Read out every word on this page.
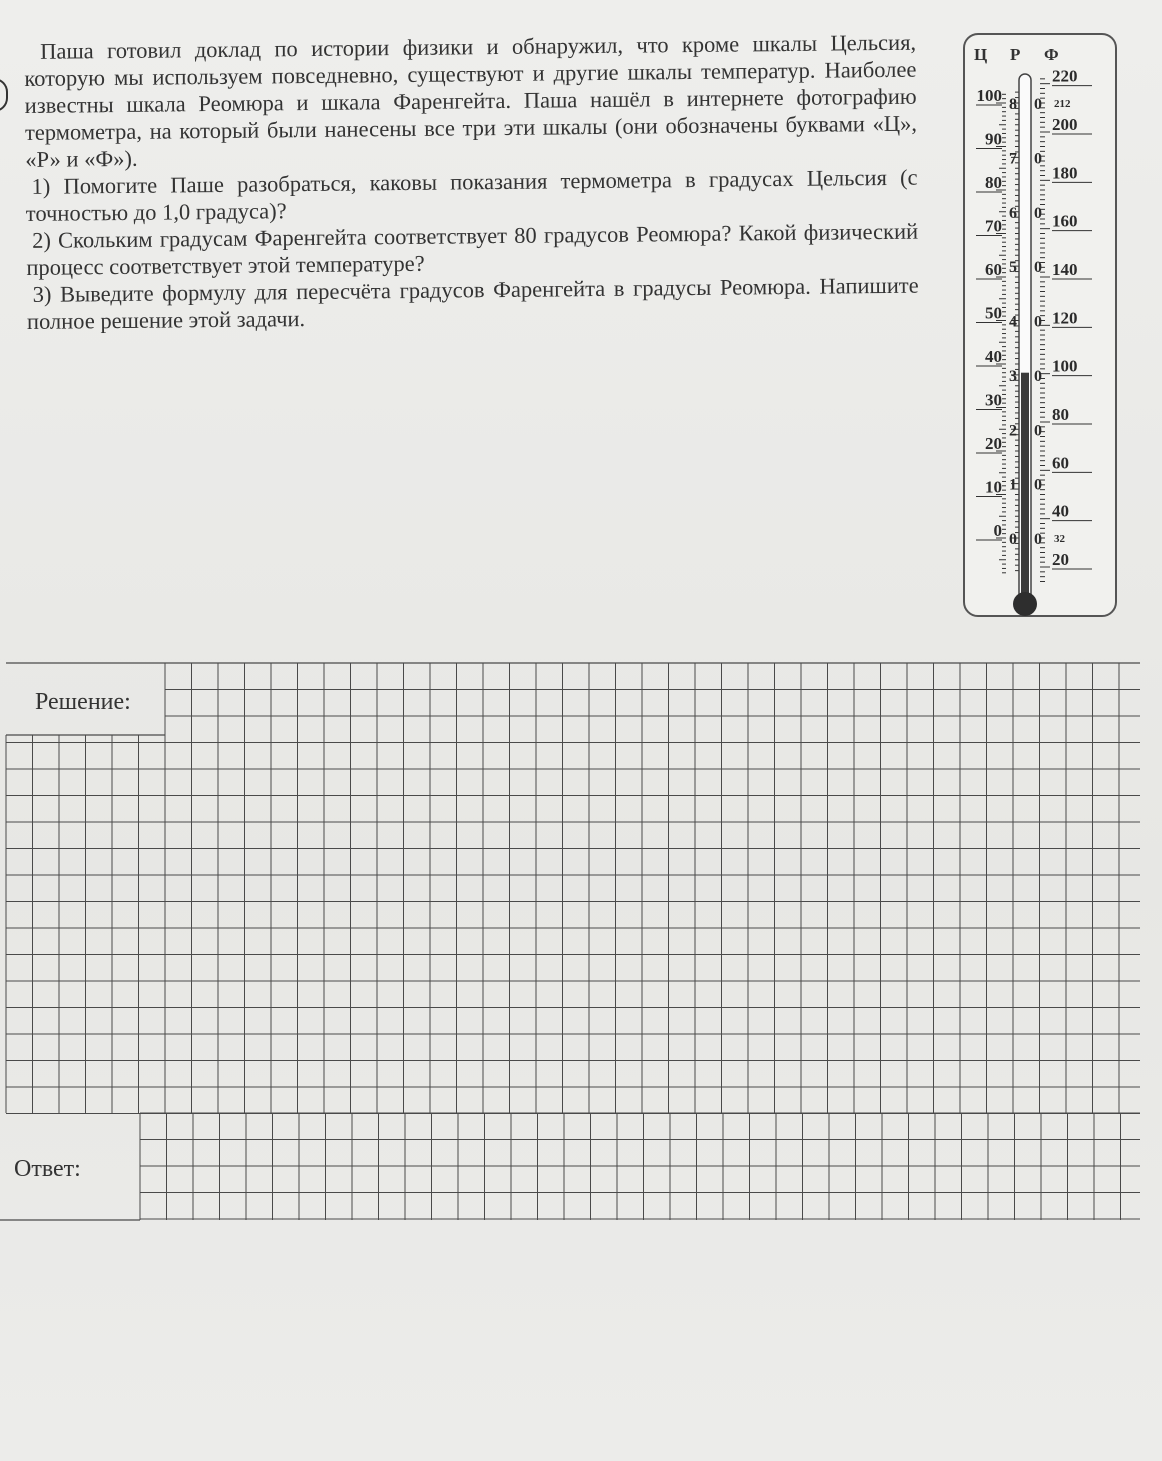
Паша готовил доклад по истории физики и обнаружил, что кроме шкалы Цельсия, которую мы используем повседневно, существуют и другие шкалы температур. Наиболее известны шкала Реомюра и шкала Фаренгейта. Паша нашёл в интернете фотографию термометра, на который были нанесены все три эти шкалы (они обозначены буквами «Ц», «Р» и «Ф»).

1) Помогите Паше разобраться, каковы показания термометра в градусах Цельсия (с точностью до 1,0 градуса)?

2) Скольким градусам Фаренгейта соответствует 80 градусов Реомюра? Какой физический процесс соответствует этой температуре?

3) Выведите формулу для пересчёта градусов Фаренгейта в градусы Реомюра. Напишите полное решение этой задачи.

Ц Р Ф
100
90
80
70
60
50
40
30
20
10
0
8 0
7 0
6 0
5 0
4 0
3 0
2 0
1 0
0 0
220
212
200
180
160
140
120
100
80
60
40
32
20
Решение:
Ответ:
